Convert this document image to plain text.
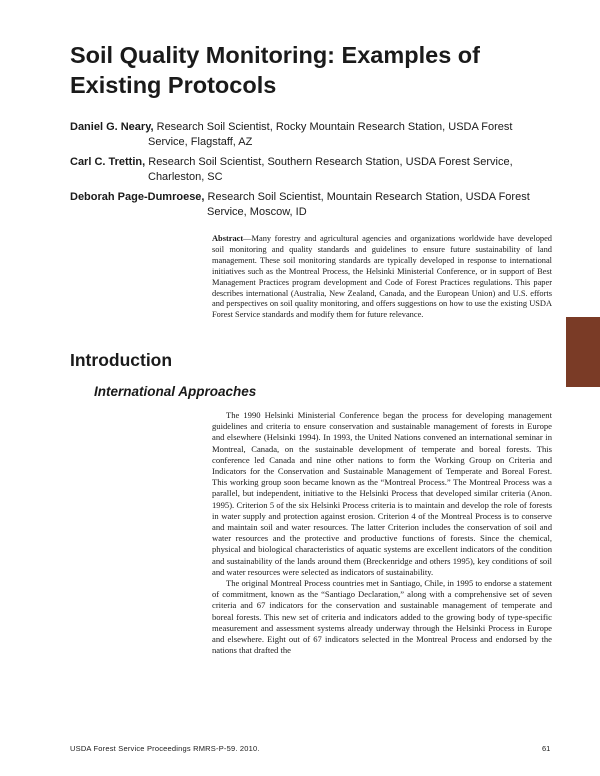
Soil Quality Monitoring: Examples of Existing Protocols

Daniel G. Neary, Research Soil Scientist, Rocky Mountain Research Station, USDA Forest
Service, Flagstaff, AZ

Carl C. Trettin, Research Soil Scientist, Southern Research Station, USDA Forest Service,
Charleston, SC

Deborah Page-Dumroese, Research Soil Scientist, Mountain Research Station, USDA Forest
Service, Moscow, ID

Abstract—Many forestry and agricultural agencies and organizations worldwide have developed soil monitoring and quality standards and guidelines to ensure future sustainability of land management. These soil monitoring standards are typically developed in response to international initiatives such as the Montreal Process, the Helsinki Ministerial Conference, or in support of Best Management Practices program development and Code of Forest Practices regulations. This paper describes international (Australia, New Zealand, Canada, and the European Union) and U.S. efforts and perspectives on soil quality monitoring, and offers suggestions on how to use the existing USDA Forest Service standards and modify them for future relevance.

Introduction
International Approaches

The 1990 Helsinki Ministerial Conference began the process for developing management guidelines and criteria to ensure conservation and sustainable management of forests in Europe and elsewhere (Helsinki 1994). In 1993, the United Nations convened an international seminar in Montreal, Canada, on the sustainable development of temperate and boreal forests. This conference led Canada and nine other nations to form the Working Group on Criteria and Indicators for the Conservation and Sustainable Management of Temperate and Boreal Forest. This working group soon became known as the “Montreal Process.” The Montreal Process was a parallel, but independent, initiative to the Helsinki Process that developed similar criteria (Anon. 1995). Criterion 5 of the six Helsinki Process criteria is to maintain and develop the role of forests in water supply and protection against erosion. Criterion 4 of the Montreal Process is to conserve and maintain soil and water resources. The latter Criterion includes the conservation of soil and water resources and the protective and productive functions of forests. Since the chemical, physical and biological characteristics of aquatic systems are excellent indicators of the condition and sustainability of the lands around them (Breckenridge and others 1995), key conditions of soil and water resources were selected as indicators of sustainability.

The original Montreal Process countries met in Santiago, Chile, in 1995 to endorse a statement of commitment, known as the “Santiago Declaration,” along with a comprehensive set of seven criteria and 67 indicators for the conservation and sustainable management of temperate and boreal forests. This new set of criteria and indicators added to the growing body of type-specific measurement and assessment systems already underway through the Helsinki Process in Europe and elsewhere. Eight out of 67 indicators selected in the Montreal Process and endorsed by the nations that drafted the

USDA Forest Service Proceedings RMRS-P-59. 2010.	61
